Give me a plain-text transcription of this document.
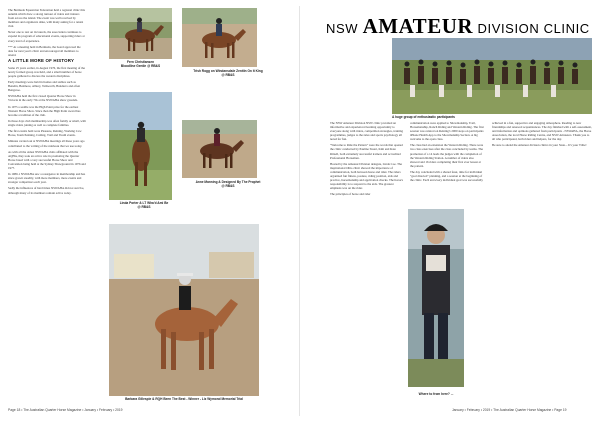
The Bermuda Equestrian Federation held a regional clinic this autumn which drew a strong turnout of riders and trainers from across the island. The event was well received by members and organizers alike, with many asking for a return visit.

Never one to rest on its laurels, the association continues to expand its program of educational events, supporting riders at every level of experience.

*** At a meeting held in Bermuda, the board approved the date for next year's clinic and encouraged all members to attend.

A LITTLE MORE OF HISTORY

Some 25 years earlier, in August 1976, the first meeting of the newly formed group was held, and a small number of horse people gathered to discuss the western disciplines.

Early meetings were held in homes and stables such as Benelin, Benmore, Albury, Tamworth, Bundarra and often Bengaroo.

NSWAHA held the first closed Quarter Horse Show in Victoria in the early 70s at the NSWAHA show grounds.

In 1975 a saddle was the High Point prize for the earliest Western Horse Show. Since then the High Point award has become a tradition of the club.

In those days club membership was often family or small, with single riders joining as well as complete families.

The first events held were Pleasure, Reining, Working Cow Horse, Team Penning, Cutting, Trail and Youth events.

Minutes carried out at NSWAHA meetings all these years ago contributed to the writing of the rulebook that we use today.

As with all the oldest NSWAHA clubs affiliated with the AQHA, they took an active role in promoting the Quarter Horse breed with a very successful Horse Show and Convention being held at the Sydney Showground in 1976 and 1977.

In 1980-1 NSWAHA saw a resurgence in membership and has since grown steadily, with more members, more events and stronger competitors each year.

Sadly the influences of hard times NSWAHA did not survive, although many of its members remain active today.

Fern Christiansen
Bloodline Gentle @ RB&S
Trish Rogg on Windansdale Zenitin On It King
@ RB&S
Linda Porter & LT Wha'd Ami Be
@ RB&S
Anne Manning & Designed By The Prophet
@ RB&S
Barbara Gillespie & RQH Been The Best - Winner - Liz Wymond Memorial Trial
NSW AMATEUR DIVISION CLINIC
A huge group of enthusiastic participants

The NSW Amateur Division NSW clinic provided an informative and experienced learning opportunity to everyone along with riders, competition strategies, training programmes, judges to the rules and sports psychology all noted for fun.

"Welcome to Ride the Pattern" were the words that opened the clinic conducted by Pauline Stuart, Kim and Kate Ritzell, both extremely successful trainers and accredited Professional Horsemen.

Hosted by the Amateur Division delegate, Linda Coe. The inspirational Ohio clinic showed the importance of communication, both between horse and rider. The riders organized fun fitness, posture, riding position, aids and practice, horsemanship and application checks. The horse's responsibility is to respond to the aids. The greatest emphasis was on the rider.

The principles of horse and rider

communication were applied to Showmanship, Trail, Horsemanship, Ranch Riding and Western Riding. The first session was centred on Reining's 2000 steps on participants iPhone Health App to the Showmanship Section. A big welcome to the open class.

The class had an extension the Western Riding. There were two class exercises after the class concluded by teams. The promotion of a 14 leads the judges with the completion of the Western Riding Station. A number of riders also showed and 16 riders completing their first ever lesson at the pattern.

The day concluded with a shared feast, time for individual "goal directed" planning, and a session at the beginning of the clinic. Each and every individual goal was successfully

achieved in a fun, supportive and engaging atmosphere. Reading to new friendships and renewed acquaintances. The day finished with a self-assessment, and information and opinions gathered from participants - NSWAHA, the Horse Association, the local Horse Riding Centre, and NSW Amateurs. Thank you to all who participated, both riders and helpers, for the day.

Be sure to attend the Amateur division clinics in your State... It's your Tribe!

Where to from here? ...
Page 18 • The Australian Quarter Horse Magazine • January • February • 2019	January • February • 2019 • The Australian Quarter Horse Magazine • Page 19
